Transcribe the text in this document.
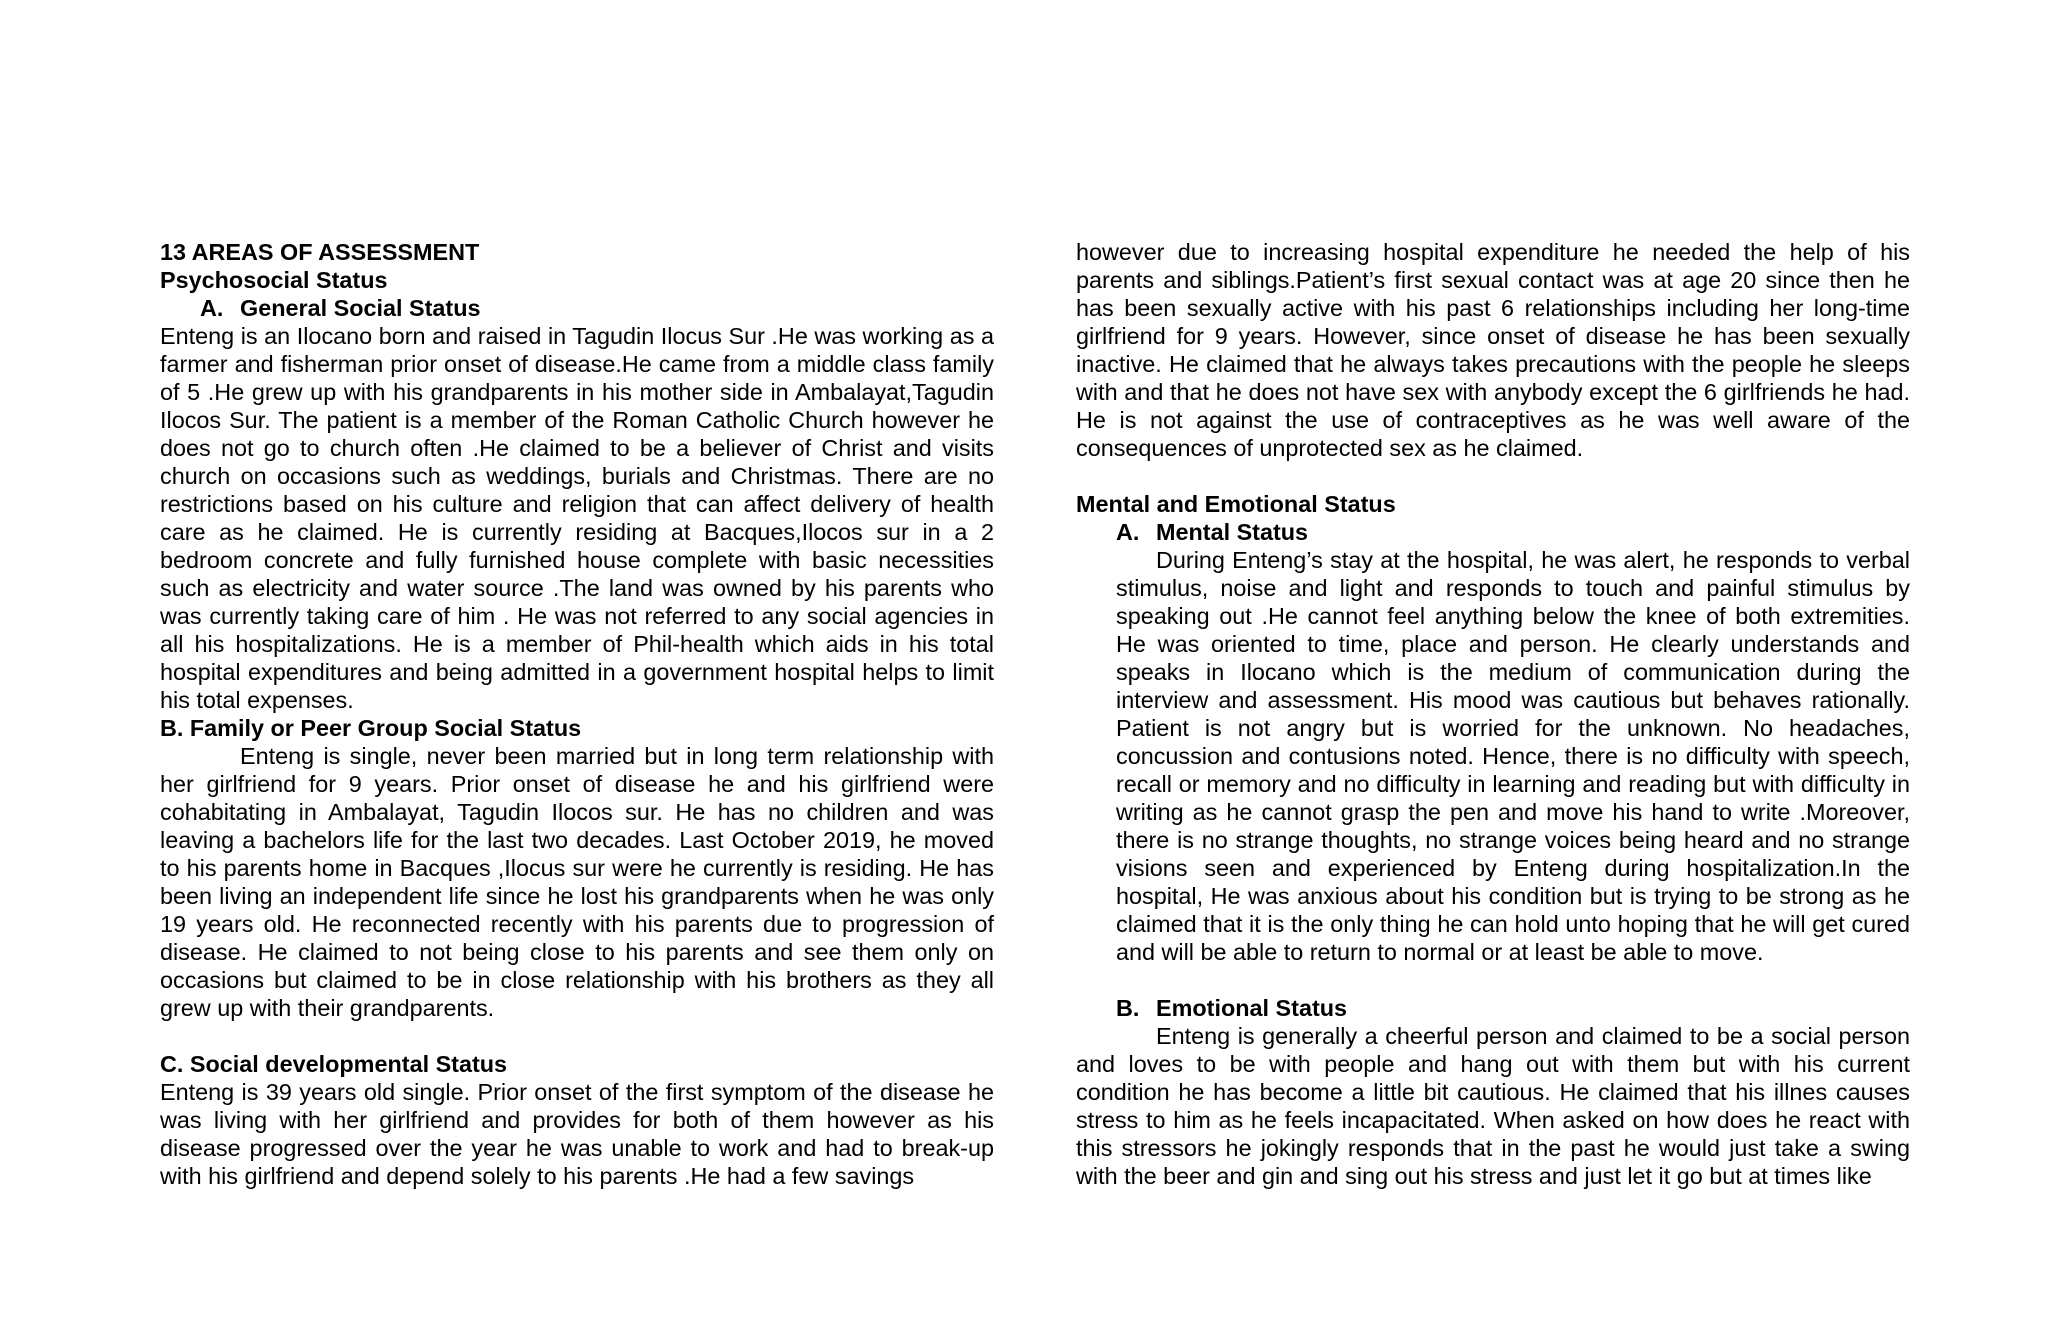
13 AREAS OF ASSESSMENT
Psychosocial Status
A. General Social Status

Enteng is an Ilocano born and raised in Tagudin Ilocus Sur .He was working as a farmer and fisherman prior onset of disease.He came from a middle class family of 5 .He grew up with his grandparents in his mother side in Ambalayat,Tagudin Ilocos Sur. The patient is a member of the Roman Catholic Church however he does not go to church often .He claimed to be a believer of Christ and visits church on occasions such as weddings, burials and Christmas. There are no restrictions based on his culture and religion that can affect delivery of health care as he claimed. He is currently residing at Bacques,Ilocos sur in a 2 bedroom concrete and fully furnished house complete with basic necessities such as electricity and water source .The land was owned by his parents who was currently taking care of him . He was not referred to any social agencies in all his hospitalizations. He is a member of Phil-health which aids in his total hospital expenditures and being admitted in a government hospital helps to limit his total expenses.

B. Family or Peer Group Social Status

Enteng is single, never been married but in long term relationship with her girlfriend for 9 years. Prior onset of disease he and his girlfriend were cohabitating in Ambalayat, Tagudin Ilocos sur. He has no children and was leaving a bachelors life for the last two decades. Last October 2019, he moved to his parents home in Bacques ,Ilocus sur were he currently is residing. He has been living an independent life since he lost his grandparents when he was only 19 years old. He reconnected recently with his parents due to progression of disease. He claimed to not being close to his parents and see them only on occasions but claimed to be in close relationship with his brothers as they all grew up with their grandparents.

C. Social developmental Status

Enteng is 39 years old single. Prior onset of the first symptom of the disease he was living with her girlfriend and provides for both of them however as his disease progressed over the year he was unable to work and had to break-up with his girlfriend and depend solely to his parents .He had a few savings

however due to increasing hospital expenditure he needed the help of his parents and siblings.Patient’s first sexual contact was at age 20 since then he has been sexually active with his past 6 relationships including her long-time girlfriend for 9 years. However, since onset of disease he has been sexually inactive. He claimed that he always takes precautions with the people he sleeps with and that he does not have sex with anybody except the 6 girlfriends he had. He is not against the use of contraceptives as he was well aware of the consequences of unprotected sex as he claimed.

Mental and Emotional Status
A. Mental Status

During Enteng’s stay at the hospital, he was alert, he responds to verbal stimulus, noise and light and responds to touch and painful stimulus by speaking out .He cannot feel anything below the knee of both extremities. He was oriented to time, place and person. He clearly understands and speaks in Ilocano which is the medium of communication during the interview and assessment. His mood was cautious but behaves rationally. Patient is not angry but is worried for the unknown. No headaches, concussion and contusions noted. Hence, there is no difficulty with speech, recall or memory and no difficulty in learning and reading but with difficulty in writing as he cannot grasp the pen and move his hand to write .Moreover, there is no strange thoughts, no strange voices being heard and no strange visions seen and experienced by Enteng during hospitalization.In the hospital, He was anxious about his condition but is trying to be strong as he claimed that it is the only thing he can hold unto hoping that he will get cured and will be able to return to normal or at least be able to move.

B. Emotional Status

Enteng is generally a cheerful person and claimed to be a social person and loves to be with people and hang out with them but with his current condition he has become a little bit cautious. He claimed that his illnes causes stress to him as he feels incapacitated. When asked on how does he react with this stressors he jokingly responds that in the past he would just take a swing with the beer and gin and sing out his stress and just let it go but at times like
